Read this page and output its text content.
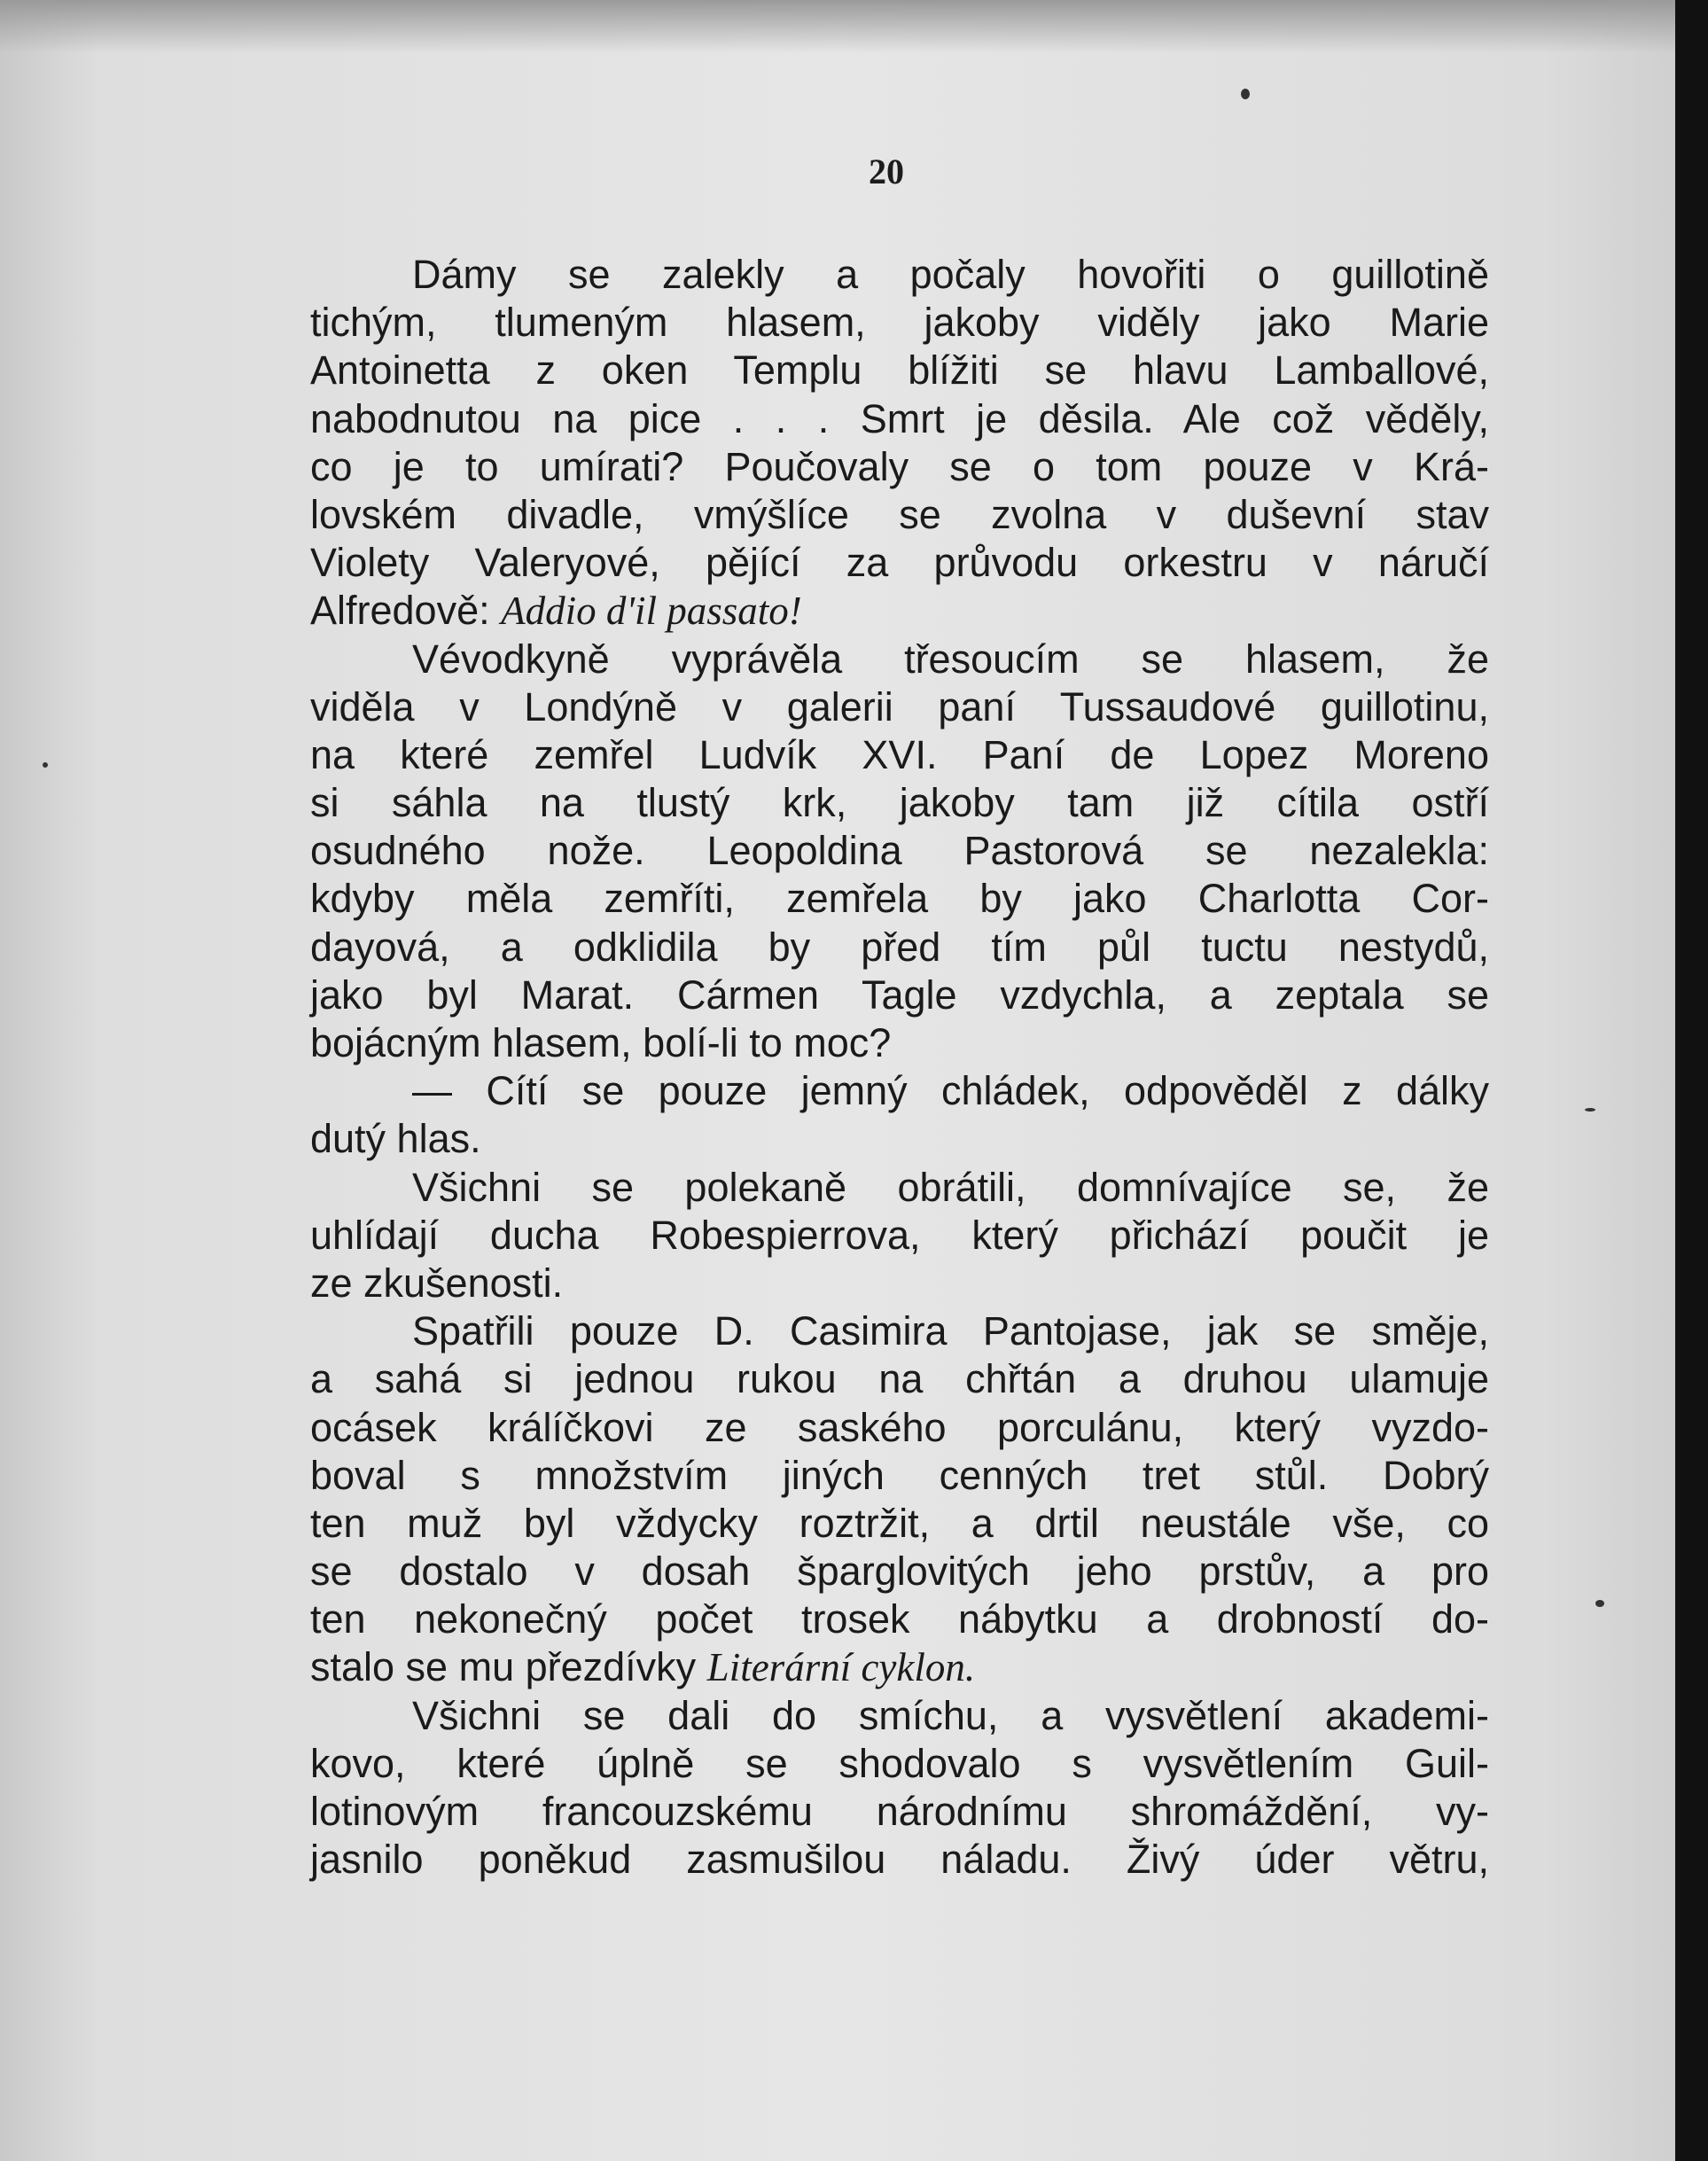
20
Dámy se zalekly a počaly hovořiti o guillotině
tichým, tlumeným hlasem, jakoby viděly jako Marie
Antoinetta z oken Templu blížiti se hlavu Lamballové,
nabodnutou na pice . . . Smrt je děsila. Ale což věděly,
co je to umírati? Poučovaly se o tom pouze v Krá-
lovském divadle, vmýšlíce se zvolna v duševní stav
Violety Valeryové, pějící za průvodu orkestru v náručí
Alfredově: Addio d'il passato!
Vévodkyně vyprávěla třesoucím se hlasem, že
viděla v Londýně v galerii paní Tussaudové guillotinu,
na které zemřel Ludvík XVI. Paní de Lopez Moreno
si sáhla na tlustý krk, jakoby tam již cítila ostří
osudného nože. Leopoldina Pastorová se nezalekla:
kdyby měla zemříti, zemřela by jako Charlotta Cor-
dayová, a odklidila by před tím půl tuctu nestydů,
jako byl Marat. Cármen Tagle vzdychla, a zeptala se
bojácným hlasem, bolí-li to moc?
— Cítí se pouze jemný chládek, odpověděl z dálky
dutý hlas.
Všichni se polekaně obrátili, domnívajíce se, že
uhlídají ducha Robespierrova, který přichází poučit je
ze zkušenosti.
Spatřili pouze D. Casimira Pantojase, jak se směje,
a sahá si jednou rukou na chřtán a druhou ulamuje
ocásek králíčkovi ze saského porculánu, který vyzdo-
boval s množstvím jiných cenných tret stůl. Dobrý
ten muž byl vždycky roztržit, a drtil neustále vše, co
se dostalo v dosah šparglovitých jeho prstův, a pro
ten nekonečný počet trosek nábytku a drobností do-
stalo se mu přezdívky Literární cyklon.
Všichni se dali do smíchu, a vysvětlení akademi-
kovo, které úplně se shodovalo s vysvětlením Guil-
lotinovým francouzskému národnímu shromáždění, vy-
jasnilo poněkud zasmušilou náladu. Živý úder větru,
